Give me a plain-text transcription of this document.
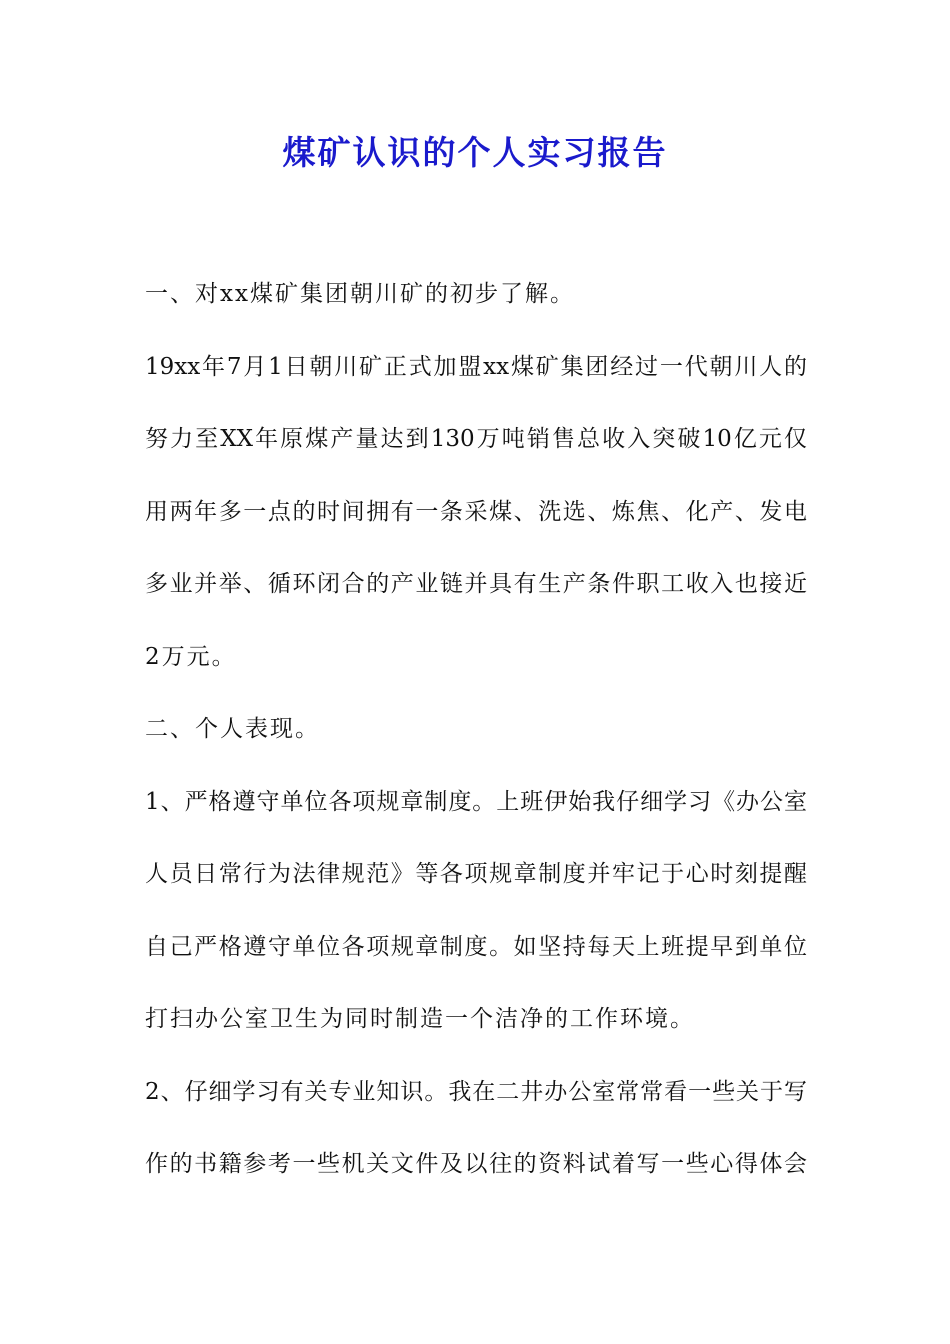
煤矿认识的个人实习报告
一、对xx煤矿集团朝川矿的初步了解。
19xx年7月1日朝川矿正式加盟xx煤矿集团经过一代朝川人的
努力至XX年原煤产量达到130万吨销售总收入突破10亿元仅
用两年多一点的时间拥有一条采煤、洗选、炼焦、化产、发电
多业并举、循环闭合的产业链并具有生产条件职工收入也接近
2万元。
二、个人表现。
1、严格遵守单位各项规章制度。上班伊始我仔细学习《办公室
人员日常行为法律规范》等各项规章制度并牢记于心时刻提醒
自己严格遵守单位各项规章制度。如坚持每天上班提早到单位
打扫办公室卫生为同时制造一个洁净的工作环境。
2、仔细学习有关专业知识。我在二井办公室常常看一些关于写
作的书籍参考一些机关文件及以往的资料试着写一些心得体会
